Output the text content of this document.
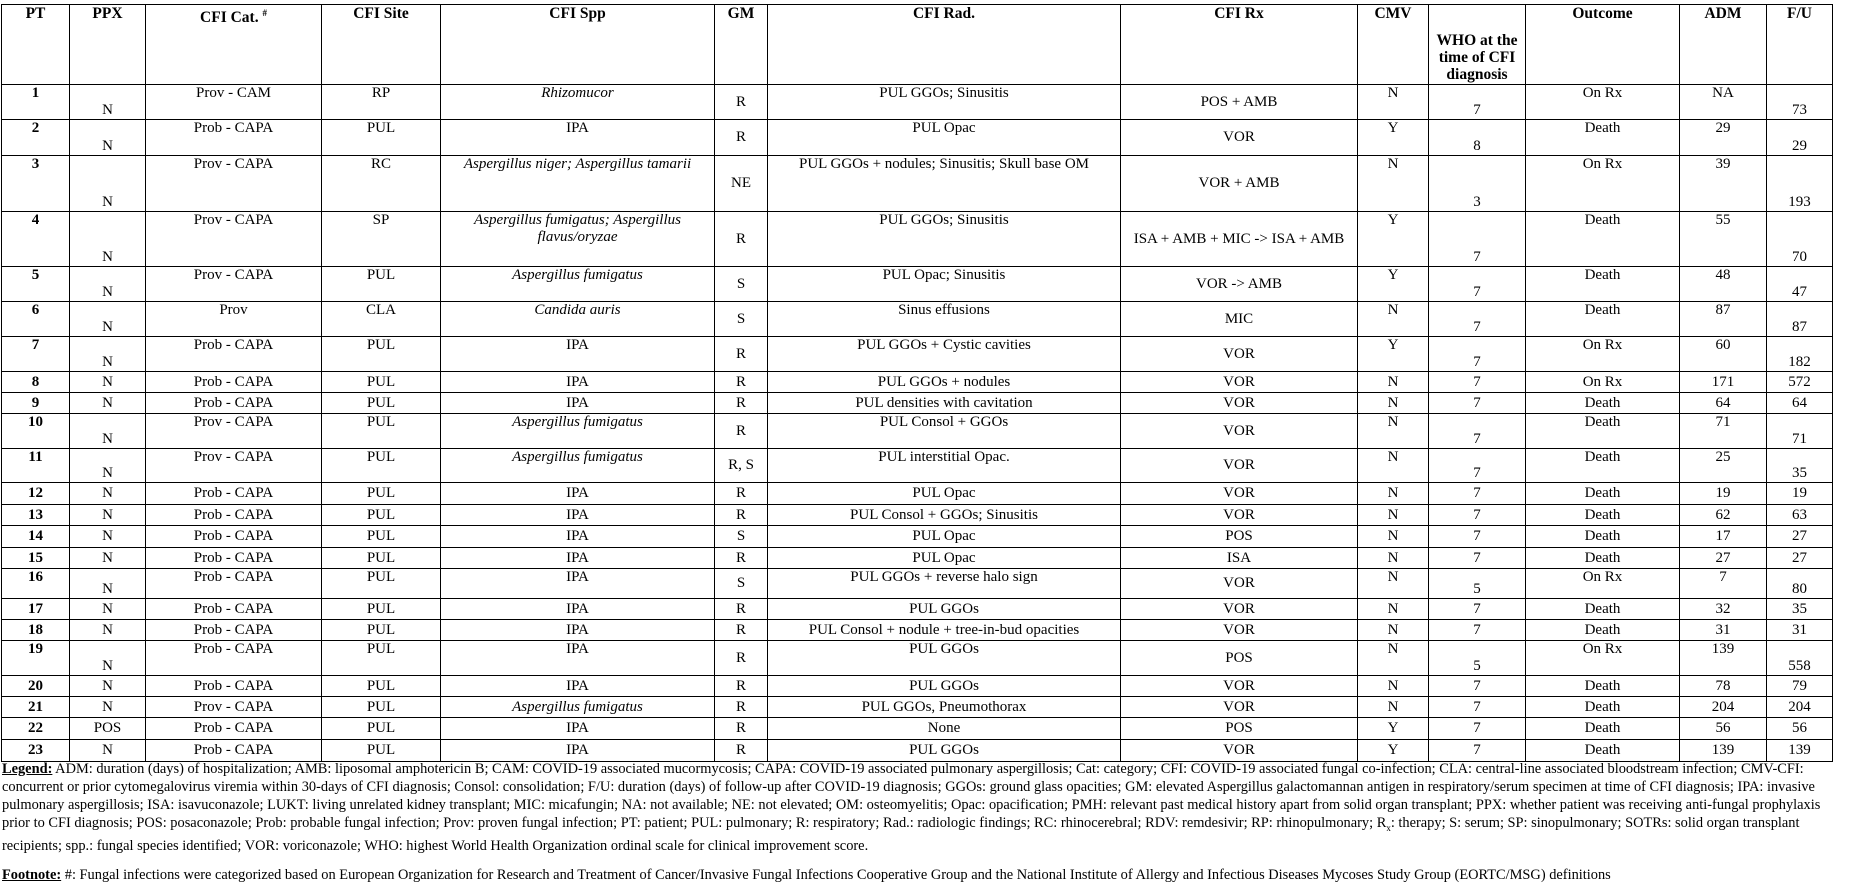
PT	PPX	CFI Cat. #	CFI Site	CFI Spp	GM	CFI Rad.	CFI Rx	CMV	WHO at the time of CFI diagnosis	Outcome	ADM	F/U
1	N	Prov - CAM	RP	Rhizomucor	R	PUL GGOs; Sinusitis	POS + AMB	N	7	On Rx	NA	73
2	N	Prob - CAPA	PUL	IPA	R	PUL Opac	VOR	Y	8	Death	29	29
3	N	Prov - CAPA	RC	Aspergillus niger; Aspergillus tamarii	NE	PUL GGOs + nodules; Sinusitis; Skull base OM	VOR + AMB	N	3	On Rx	39	193
4	N	Prov - CAPA	SP	Aspergillus fumigatus; Aspergillus flavus/oryzae	R	PUL GGOs; Sinusitis	ISA + AMB + MIC -> ISA + AMB	Y	7	Death	55	70
5	N	Prov - CAPA	PUL	Aspergillus fumigatus	S	PUL Opac; Sinusitis	VOR -> AMB	Y	7	Death	48	47
6	N	Prov	CLA	Candida auris	S	Sinus effusions	MIC	N	7	Death	87	87
7	N	Prob - CAPA	PUL	IPA	R	PUL GGOs + Cystic cavities	VOR	Y	7	On Rx	60	182
8	N	Prob - CAPA	PUL	IPA	R	PUL GGOs + nodules	VOR	N	7	On Rx	171	572
9	N	Prob - CAPA	PUL	IPA	R	PUL densities with cavitation	VOR	N	7	Death	64	64
10	N	Prov - CAPA	PUL	Aspergillus fumigatus	R	PUL Consol + GGOs	VOR	N	7	Death	71	71
11	N	Prov - CAPA	PUL	Aspergillus fumigatus	R, S	PUL interstitial Opac.	VOR	N	7	Death	25	35
12	N	Prob - CAPA	PUL	IPA	R	PUL Opac	VOR	N	7	Death	19	19
13	N	Prob - CAPA	PUL	IPA	R	PUL Consol + GGOs; Sinusitis	VOR	N	7	Death	62	63
14	N	Prob - CAPA	PUL	IPA	S	PUL Opac	POS	N	7	Death	17	27
15	N	Prob - CAPA	PUL	IPA	R	PUL Opac	ISA	N	7	Death	27	27
16	N	Prob - CAPA	PUL	IPA	S	PUL GGOs + reverse halo sign	VOR	N	5	On Rx	7	80
17	N	Prob - CAPA	PUL	IPA	R	PUL GGOs	VOR	N	7	Death	32	35
18	N	Prob - CAPA	PUL	IPA	R	PUL Consol + nodule + tree-in-bud opacities	VOR	N	7	Death	31	31
19	N	Prob - CAPA	PUL	IPA	R	PUL GGOs	POS	N	5	On Rx	139	558
20	N	Prob - CAPA	PUL	IPA	R	PUL GGOs	VOR	N	7	Death	78	79
21	N	Prov - CAPA	PUL	Aspergillus fumigatus	R	PUL GGOs, Pneumothorax	VOR	N	7	Death	204	204
22	POS	Prob - CAPA	PUL	IPA	R	None	POS	Y	7	Death	56	56
23	N	Prob - CAPA	PUL	IPA	R	PUL GGOs	VOR	Y	7	Death	139	139
Legend: ADM: duration (days) of hospitalization; AMB: liposomal amphotericin B; CAM: COVID-19 associated mucormycosis; CAPA: COVID-19 associated pulmonary aspergillosis; Cat: category; CFI: COVID-19 associated fungal co-infection; CLA: central-line associated bloodstream infection; CMV-CFI: concurrent or prior cytomegalovirus viremia within 30-days of CFI diagnosis; Consol: consolidation; F/U: duration (days) of follow-up after COVID-19 diagnosis; GGOs: ground glass opacities; GM: elevated Aspergillus galactomannan antigen in respiratory/serum specimen at time of CFI diagnosis; IPA: invasive pulmonary aspergillosis; ISA: isavuconazole; LUKT: living unrelated kidney transplant; MIC: micafungin; NA: not available; NE: not elevated; OM: osteomyelitis; Opac: opacification; PMH: relevant past medical history apart from solid organ transplant; PPX: whether patient was receiving anti-fungal prophylaxis prior to CFI diagnosis; POS: posaconazole; Prob: probable fungal infection; Prov: proven fungal infection; PT: patient; PUL: pulmonary; R: respiratory; Rad.: radiologic findings; RC: rhinocerebral; RDV: remdesivir; RP: rhinopulmonary; $R_x$: therapy; S: serum; SP: sinopulmonary; SOTRs: solid organ transplant recipients; spp.: fungal species identified; VOR: voriconazole; WHO: highest World Health Organization ordinal scale for clinical improvement score.
Footnote: #: Fungal infections were categorized based on European Organization for Research and Treatment of Cancer/Invasive Fungal Infections Cooperative Group and the National Institute of Allergy and Infectious Diseases Mycoses Study Group (EORTC/MSG) definitions
